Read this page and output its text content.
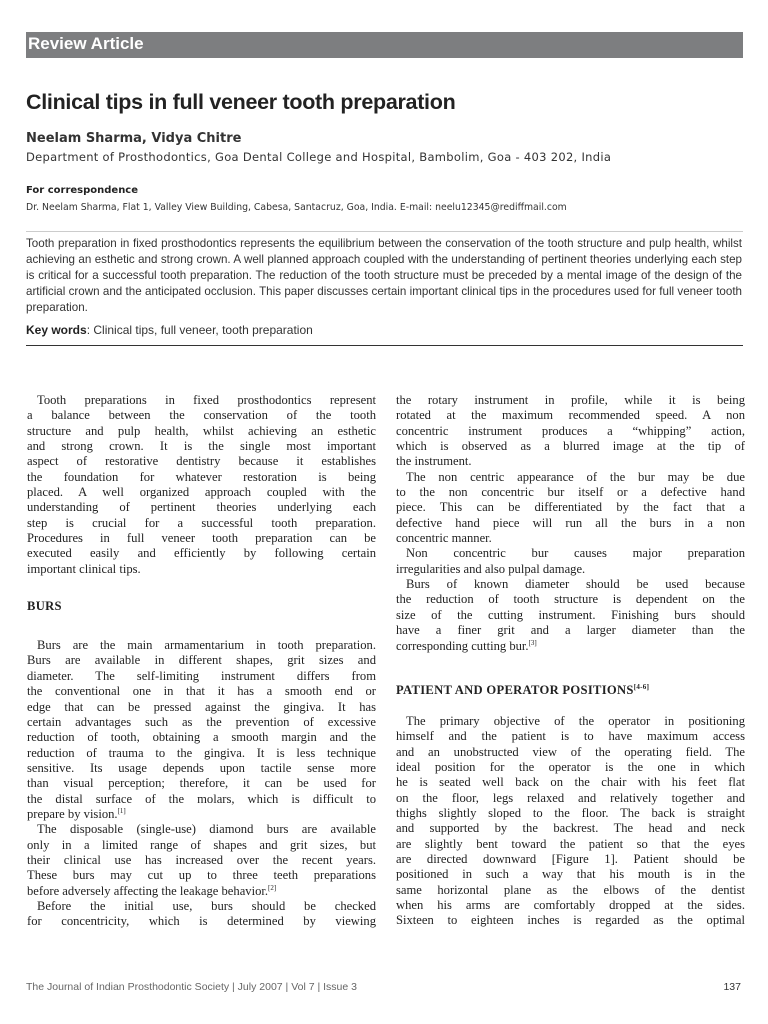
Review Article
Clinical tips in full veneer tooth preparation
Neelam Sharma, Vidya Chitre
Department of Prosthodontics, Goa Dental College and Hospital, Bambolim, Goa - 403 202, India
For correspondence
Dr. Neelam Sharma, Flat 1, Valley View Building, Cabesa, Santacruz, Goa, India. E-mail: neelu12345@rediffmail.com
Tooth preparation in fixed prosthodontics represents the equilibrium between the conservation of the tooth structure and pulp health, whilst achieving an esthetic and strong crown. A well planned approach coupled with the understanding of pertinent theories underlying each step is critical for a successful tooth preparation. The reduction of the tooth structure must be preceded by a mental image of the design of the artificial crown and the anticipated occlusion. This paper discusses certain important clinical tips in the procedures used for full veneer tooth preparation.
Key words: Clinical tips, full veneer, tooth preparation
Tooth preparations in fixed prosthodontics represent
a balance between the conservation of the tooth
structure and pulp health, whilst achieving an esthetic
and strong crown. It is the single most important
aspect of restorative dentistry because it establishes
the foundation for whatever restoration is being
placed. A well organized approach coupled with the
understanding of pertinent theories underlying each
step is crucial for a successful tooth preparation.
Procedures in full veneer tooth preparation can be
executed easily and efficiently by following certain
important clinical tips.
BURS
Burs are the main armamentarium in tooth preparation.
Burs are available in different shapes, grit sizes and
diameter. The self-limiting instrument differs from
the conventional one in that it has a smooth end or
edge that can be pressed against the gingiva. It has
certain advantages such as the prevention of excessive
reduction of tooth, obtaining a smooth margin and the
reduction of trauma to the gingiva. It is less technique
sensitive. Its usage depends upon tactile sense more
than visual perception; therefore, it can be used for
the distal surface of the molars, which is difficult to
prepare by vision.[1]
The disposable (single-use) diamond burs are available
only in a limited range of shapes and grit sizes, but
their clinical use has increased over the recent years.
These burs may cut up to three teeth preparations
before adversely affecting the leakage behavior.[2]
Before the initial use, burs should be checked
for concentricity, which is determined by viewing
the rotary instrument in profile, while it is being
rotated at the maximum recommended speed. A non
concentric instrument produces a “whipping” action,
which is observed as a blurred image at the tip of
the instrument.
The non centric appearance of the bur may be due
to the non concentric bur itself or a defective hand
piece. This can be differentiated by the fact that a
defective hand piece will run all the burs in a non
concentric manner.
Non concentric bur causes major preparation
irregularities and also pulpal damage.
Burs of known diameter should be used because
the reduction of tooth structure is dependent on the
size of the cutting instrument. Finishing burs should
have a finer grit and a larger diameter than the
corresponding cutting bur.[3]
PATIENT AND OPERATOR POSITIONS[4-6]
The primary objective of the operator in positioning
himself and the patient is to have maximum access
and an unobstructed view of the operating field. The
ideal position for the operator is the one in which
he is seated well back on the chair with his feet flat
on the floor, legs relaxed and relatively together and
thighs slightly sloped to the floor. The back is straight
and supported by the backrest. The head and neck
are slightly bent toward the patient so that the eyes
are directed downward [Figure 1]. Patient should be
positioned in such a way that his mouth is in the
same horizontal plane as the elbows of the dentist
when his arms are comfortably dropped at the sides.
Sixteen to eighteen inches is regarded as the optimal
The Journal of Indian Prosthodontic Society | July 2007 | Vol 7 | Issue 3	137
